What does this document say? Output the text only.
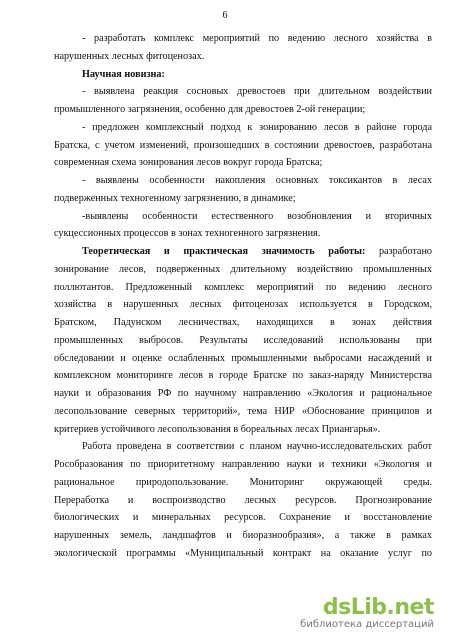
6
- разработать комплекс мероприятий по ведению лесного хозяйства в
нарушенных лесных фитоценозах.
Научная новизна:
- выявлена реакция сосновых древостоев при длительном воздействии
промышленного загрязнения, особенно для древостоев 2-ой генерации;
- предложен комплексный подход к зонированию лесов в районе города
Братска, с учетом изменений, произошедших в состоянии древостоев, разработана
современная схема зонирования лесов вокруг города Братска;
- выявлены особенности накопления основных токсикантов в лесах
подверженных техногенному загрязнению, в динамике;
-выявлены особенности естественного возобновления и вторичных
сукцессионных процессов в зонах техногенного загрязнения.
Теоретическая и практическая значимость работы: разработано
зонирование лесов, подверженных длительному воздействию промышленных
поллютантов. Предложенный комплекс мероприятий по ведению лесного
хозяйства в нарушенных лесных фитоценозах используется в Городском,
Братском, Падунском лесничествах, находящихся в зонах действия
промышленных выбросов. Результаты исследований использованы при
обследовании и оценке ослабленных промышленными выбросами насаждений и
комплексном мониторинге лесов в городе Братске по заказ-наряду Министерства
науки и образования РФ по научному направлению «Экология и рациональное
лесопользование северных территорий», тема НИР «Обоснование принципов и
критериев устойчивого лесопользования в бореальных лесах Приангарья».
Работа проведена в соответствии с планом научно-исследовательских работ
Рособразования по приоритетному направлению науки и техники «Экология и
рациональное природопользование. Мониторинг окружающей среды.
Переработка и воспроизводство лесных ресурсов. Прогнозирование
биологических и минеральных ресурсов. Сохранение и восстановление
нарушенных земель, ландшафтов и биоразнообразия», а также в рамках
экологической программы «Муниципальный контракт на оказание услуг по
dsLib.net
библиотека диссертаций
